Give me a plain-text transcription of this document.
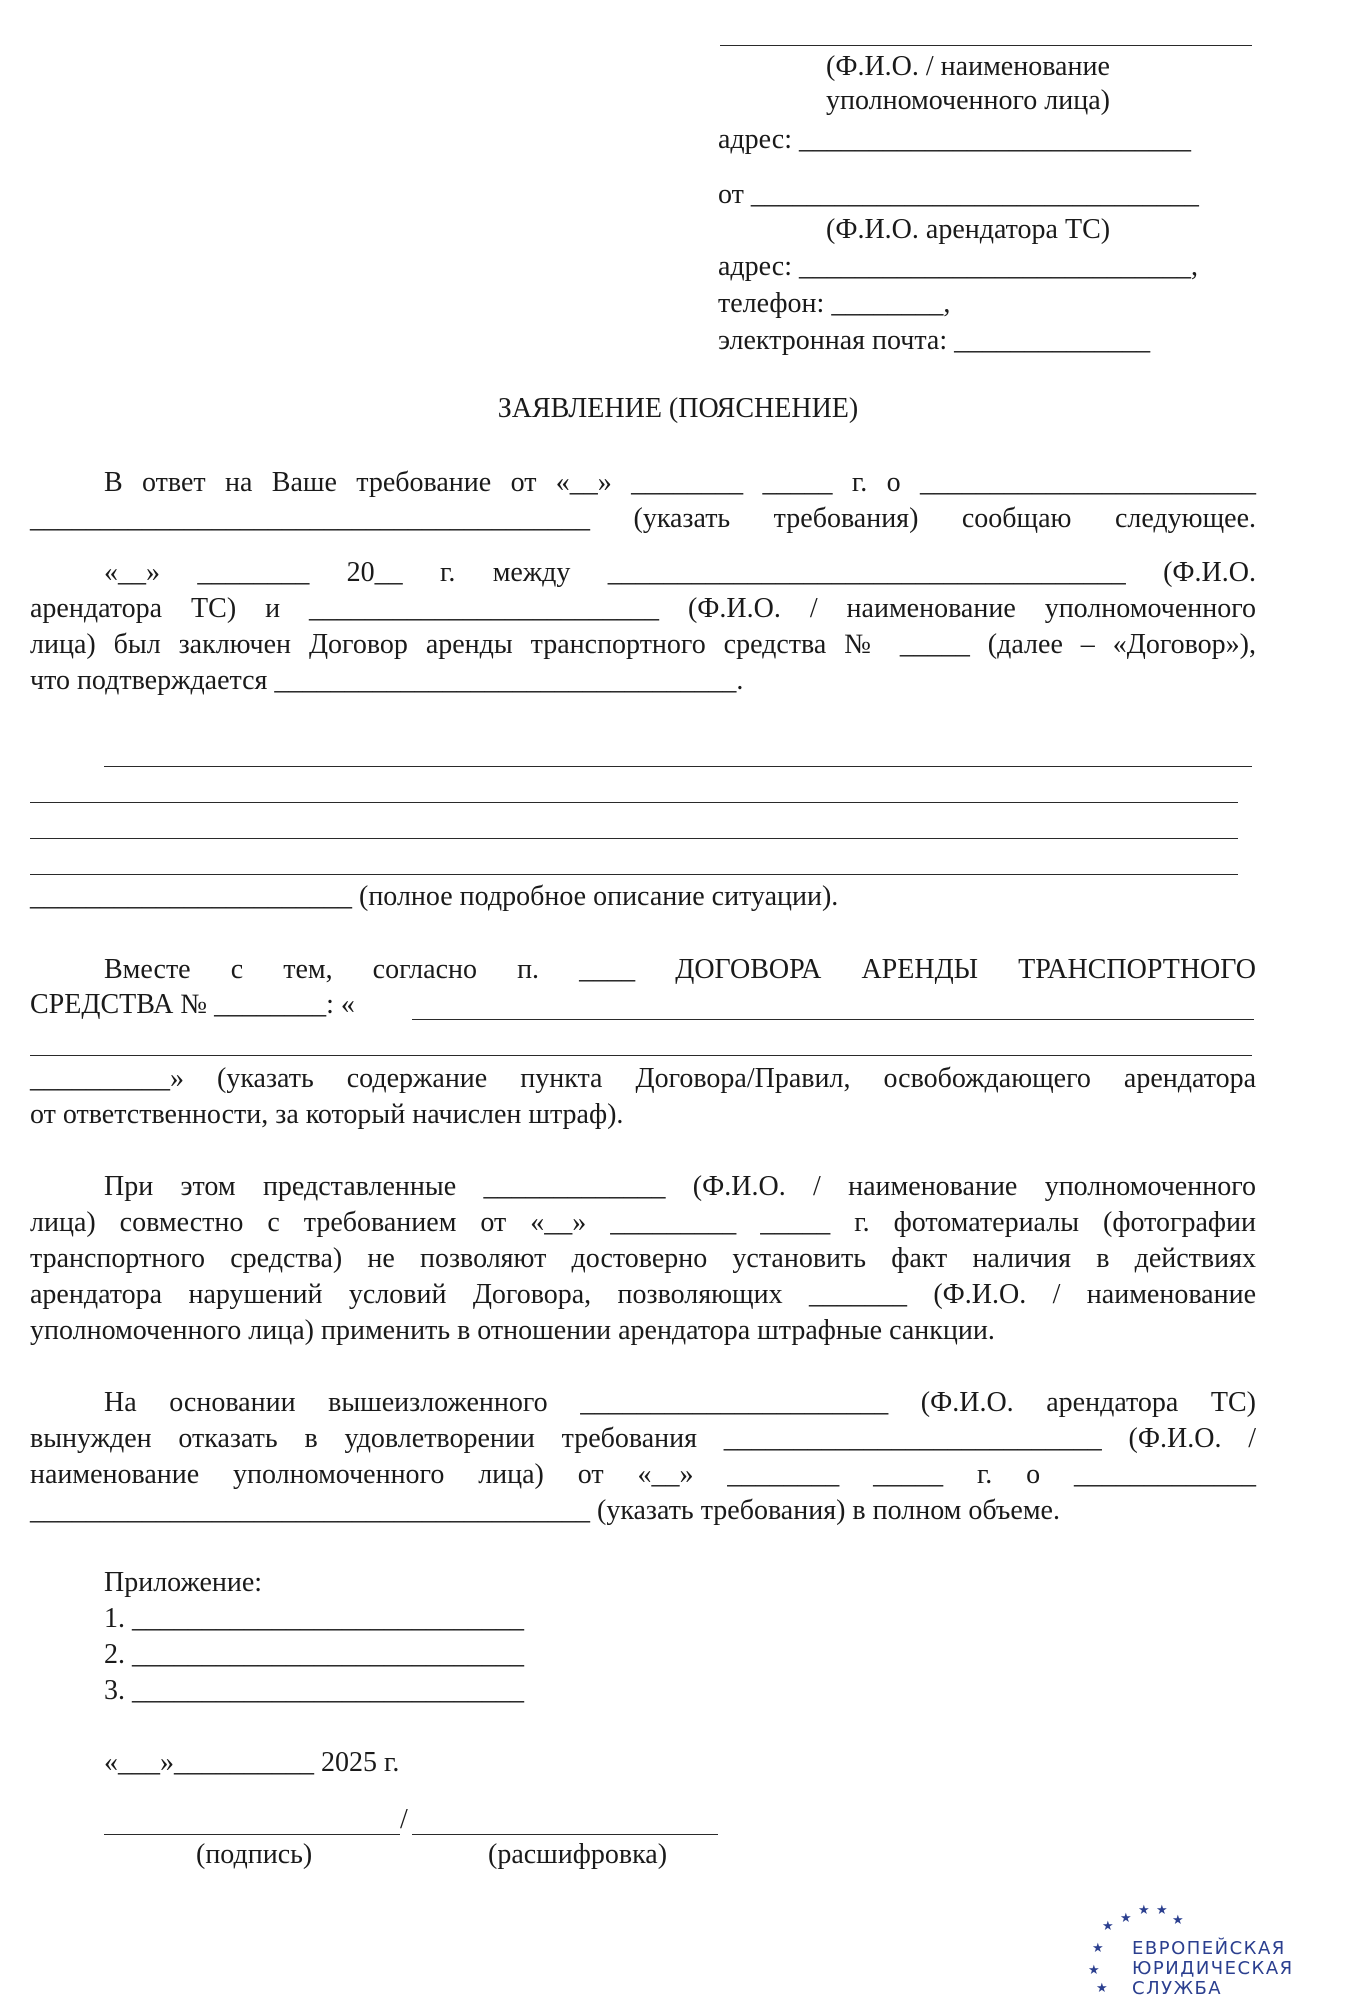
(Ф.И.О. / наименование
уполномоченного лица)
адрес: ____________________________
от ________________________________
(Ф.И.О. арендатора ТС)
адрес: ____________________________,
телефон: ________,
электронная почта: ______________
ЗАЯВЛЕНИЕ (ПОЯСНЕНИЕ)
В ответ на Ваше требование от «__» ________ _____ г. о ________________________
________________________________________ (указать требования) сообщаю следующее.
«__» ________ 20__ г. между _____________________________________ (Ф.И.О.
арендатора ТС) и _________________________ (Ф.И.О. / наименование уполномоченного
лица) был заключен Договор аренды транспортного средства № _____ (далее – «Договор»),
что подтверждается _________________________________.
_______________________ (полное подробное описание ситуации).
Вместе с тем, согласно п. ____ ДОГОВОРА АРЕНДЫ ТРАНСПОРТНОГО
СРЕДСТВА № ________: «
__________» (указать содержание пункта Договора/Правил, освобождающего арендатора
от ответственности, за который начислен штраф).
При этом представленные _____________ (Ф.И.О. / наименование уполномоченного
лица) совместно с требованием от «__» _________ _____ г. фотоматериалы (фотографии
транспортного средства) не позволяют достоверно установить факт наличия в действиях
арендатора нарушений условий Договора, позволяющих _______ (Ф.И.О. / наименование
уполномоченного лица) применить в отношении арендатора штрафные санкции.
На основании вышеизложенного ______________________ (Ф.И.О. арендатора ТС)
вынужден отказать в удовлетворении требования ___________________________ (Ф.И.О. /
наименование уполномоченного лица) от «__» ________ _____ г. о _____________
________________________________________ (указать требования) в полном объеме.
Приложение:
1. ____________________________
2. ____________________________
3. ____________________________
«___»__________ 2025 г.
/
(подпись)	(расшифровка)
★
★
★ ★
★
★
★
★
ЕВРОПЕЙСКАЯ
ЮРИДИЧЕСКАЯ
СЛУЖБА
